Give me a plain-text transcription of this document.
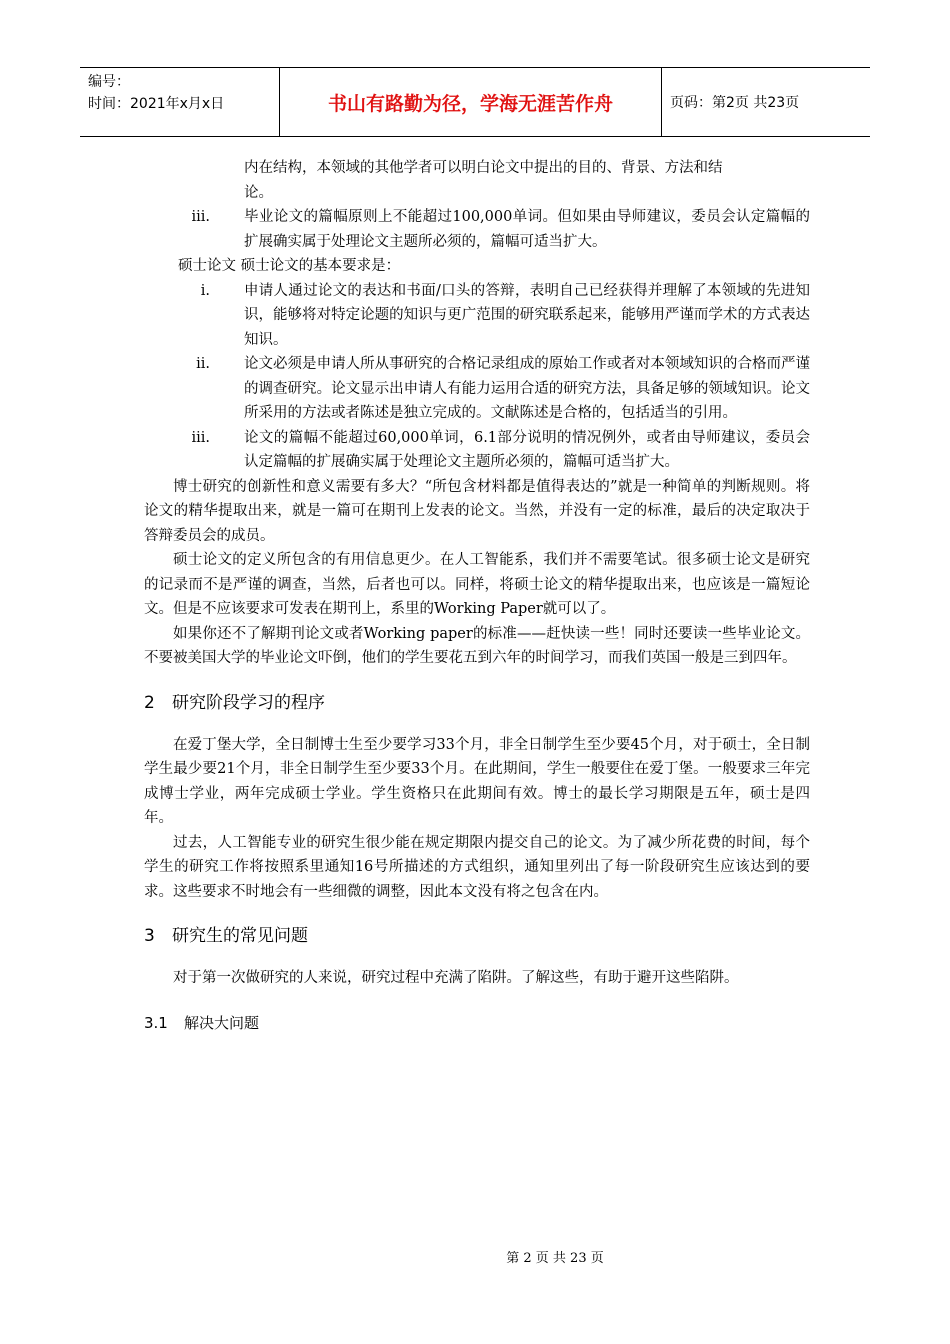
编号：
时间：2021年x月x日	书山有路勤为径，学海无涯苦作舟	页码：第2页 共23页
内在结构，本领域的其他学者可以明白论文中提出的目的、背景、方法和结
论。
iii.	毕业论文的篇幅原则上不能超过100,000单词。但如果由导师建议，委员会认定篇幅的扩展确实属于处理论文主题所必须的，篇幅可适当扩大。
硕士论文 硕士论文的基本要求是：
i.	申请人通过论文的表达和书面/口头的答辩，表明自己已经获得并理解了本领域的先进知识，能够将对特定论题的知识与更广范围的研究联系起来，能够用严谨而学术的方式表达知识。
ii.	论文必须是申请人所从事研究的合格记录组成的原始工作或者对本领域知识的合格而严谨的调查研究。论文显示出申请人有能力运用合适的研究方法，具备足够的领域知识。论文所采用的方法或者陈述是独立完成的。文献陈述是合格的，包括适当的引用。
iii.	论文的篇幅不能超过60,000单词，6.1部分说明的情况例外，或者由导师建议，委员会认定篇幅的扩展确实属于处理论文主题所必须的，篇幅可适当扩大。

博士研究的创新性和意义需要有多大？“所包含材料都是值得表达的”就是一种简单的判断规则。将论文的精华提取出来，就是一篇可在期刊上发表的论文。当然，并没有一定的标准，最后的决定取决于答辩委员会的成员。

硕士论文的定义所包含的有用信息更少。在人工智能系，我们并不需要笔试。很多硕士论文是研究的记录而不是严谨的调查，当然，后者也可以。同样，将硕士论文的精华提取出来，也应该是一篇短论文。但是不应该要求可发表在期刊上，系里的Working Paper就可以了。

如果你还不了解期刊论文或者Working paper的标准——赶快读一些！同时还要读一些毕业论文。不要被美国大学的毕业论文吓倒，他们的学生要花五到六年的时间学习，而我们英国一般是三到四年。

2 研究阶段学习的程序

在爱丁堡大学，全日制博士生至少要学习33个月，非全日制学生至少要45个月，对于硕士，全日制学生最少要21个月，非全日制学生至少要33个月。在此期间，学生一般要住在爱丁堡。一般要求三年完成博士学业，两年完成硕士学业。学生资格只在此期间有效。博士的最长学习期限是五年，硕士是四年。

过去，人工智能专业的研究生很少能在规定期限内提交自己的论文。为了减少所花费的时间，每个学生的研究工作将按照系里通知16号所描述的方式组织，通知里列出了每一阶段研究生应该达到的要求。这些要求不时地会有一些细微的调整，因此本文没有将之包含在内。

3 研究生的常见问题

对于第一次做研究的人来说，研究过程中充满了陷阱。了解这些，有助于避开这些陷阱。

3.1 解决大问题
第 2 页 共 23 页
